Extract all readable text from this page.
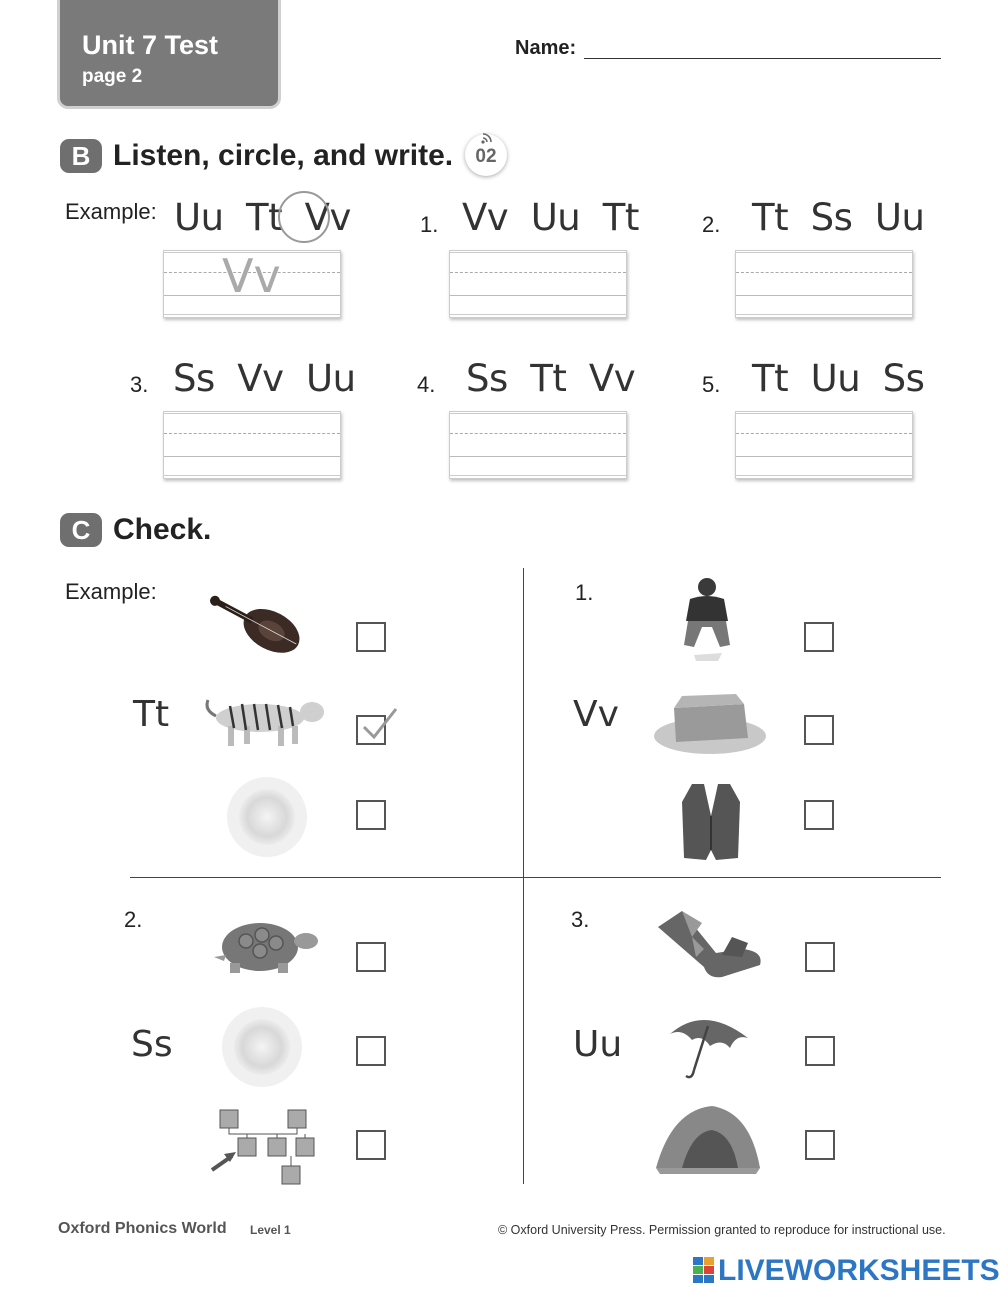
Unit 7 Test
page 2
Name:
B Listen, circle, and write.	02
Example: Uu  Tt  Vv
Vv
1. Vv  Uu  Tt	2. Tt  Ss  Uu
3. Ss  Vv  Uu	4. Ss  Tt  Vv	5. Tt  Uu  Ss
C Check.
Example:
Tt
1.
Vv
2.
Ss
3.
Uu
Oxford Phonics World Level 1	© Oxford University Press. Permission granted to reproduce for instructional use.
LIVEWORKSHEETS
